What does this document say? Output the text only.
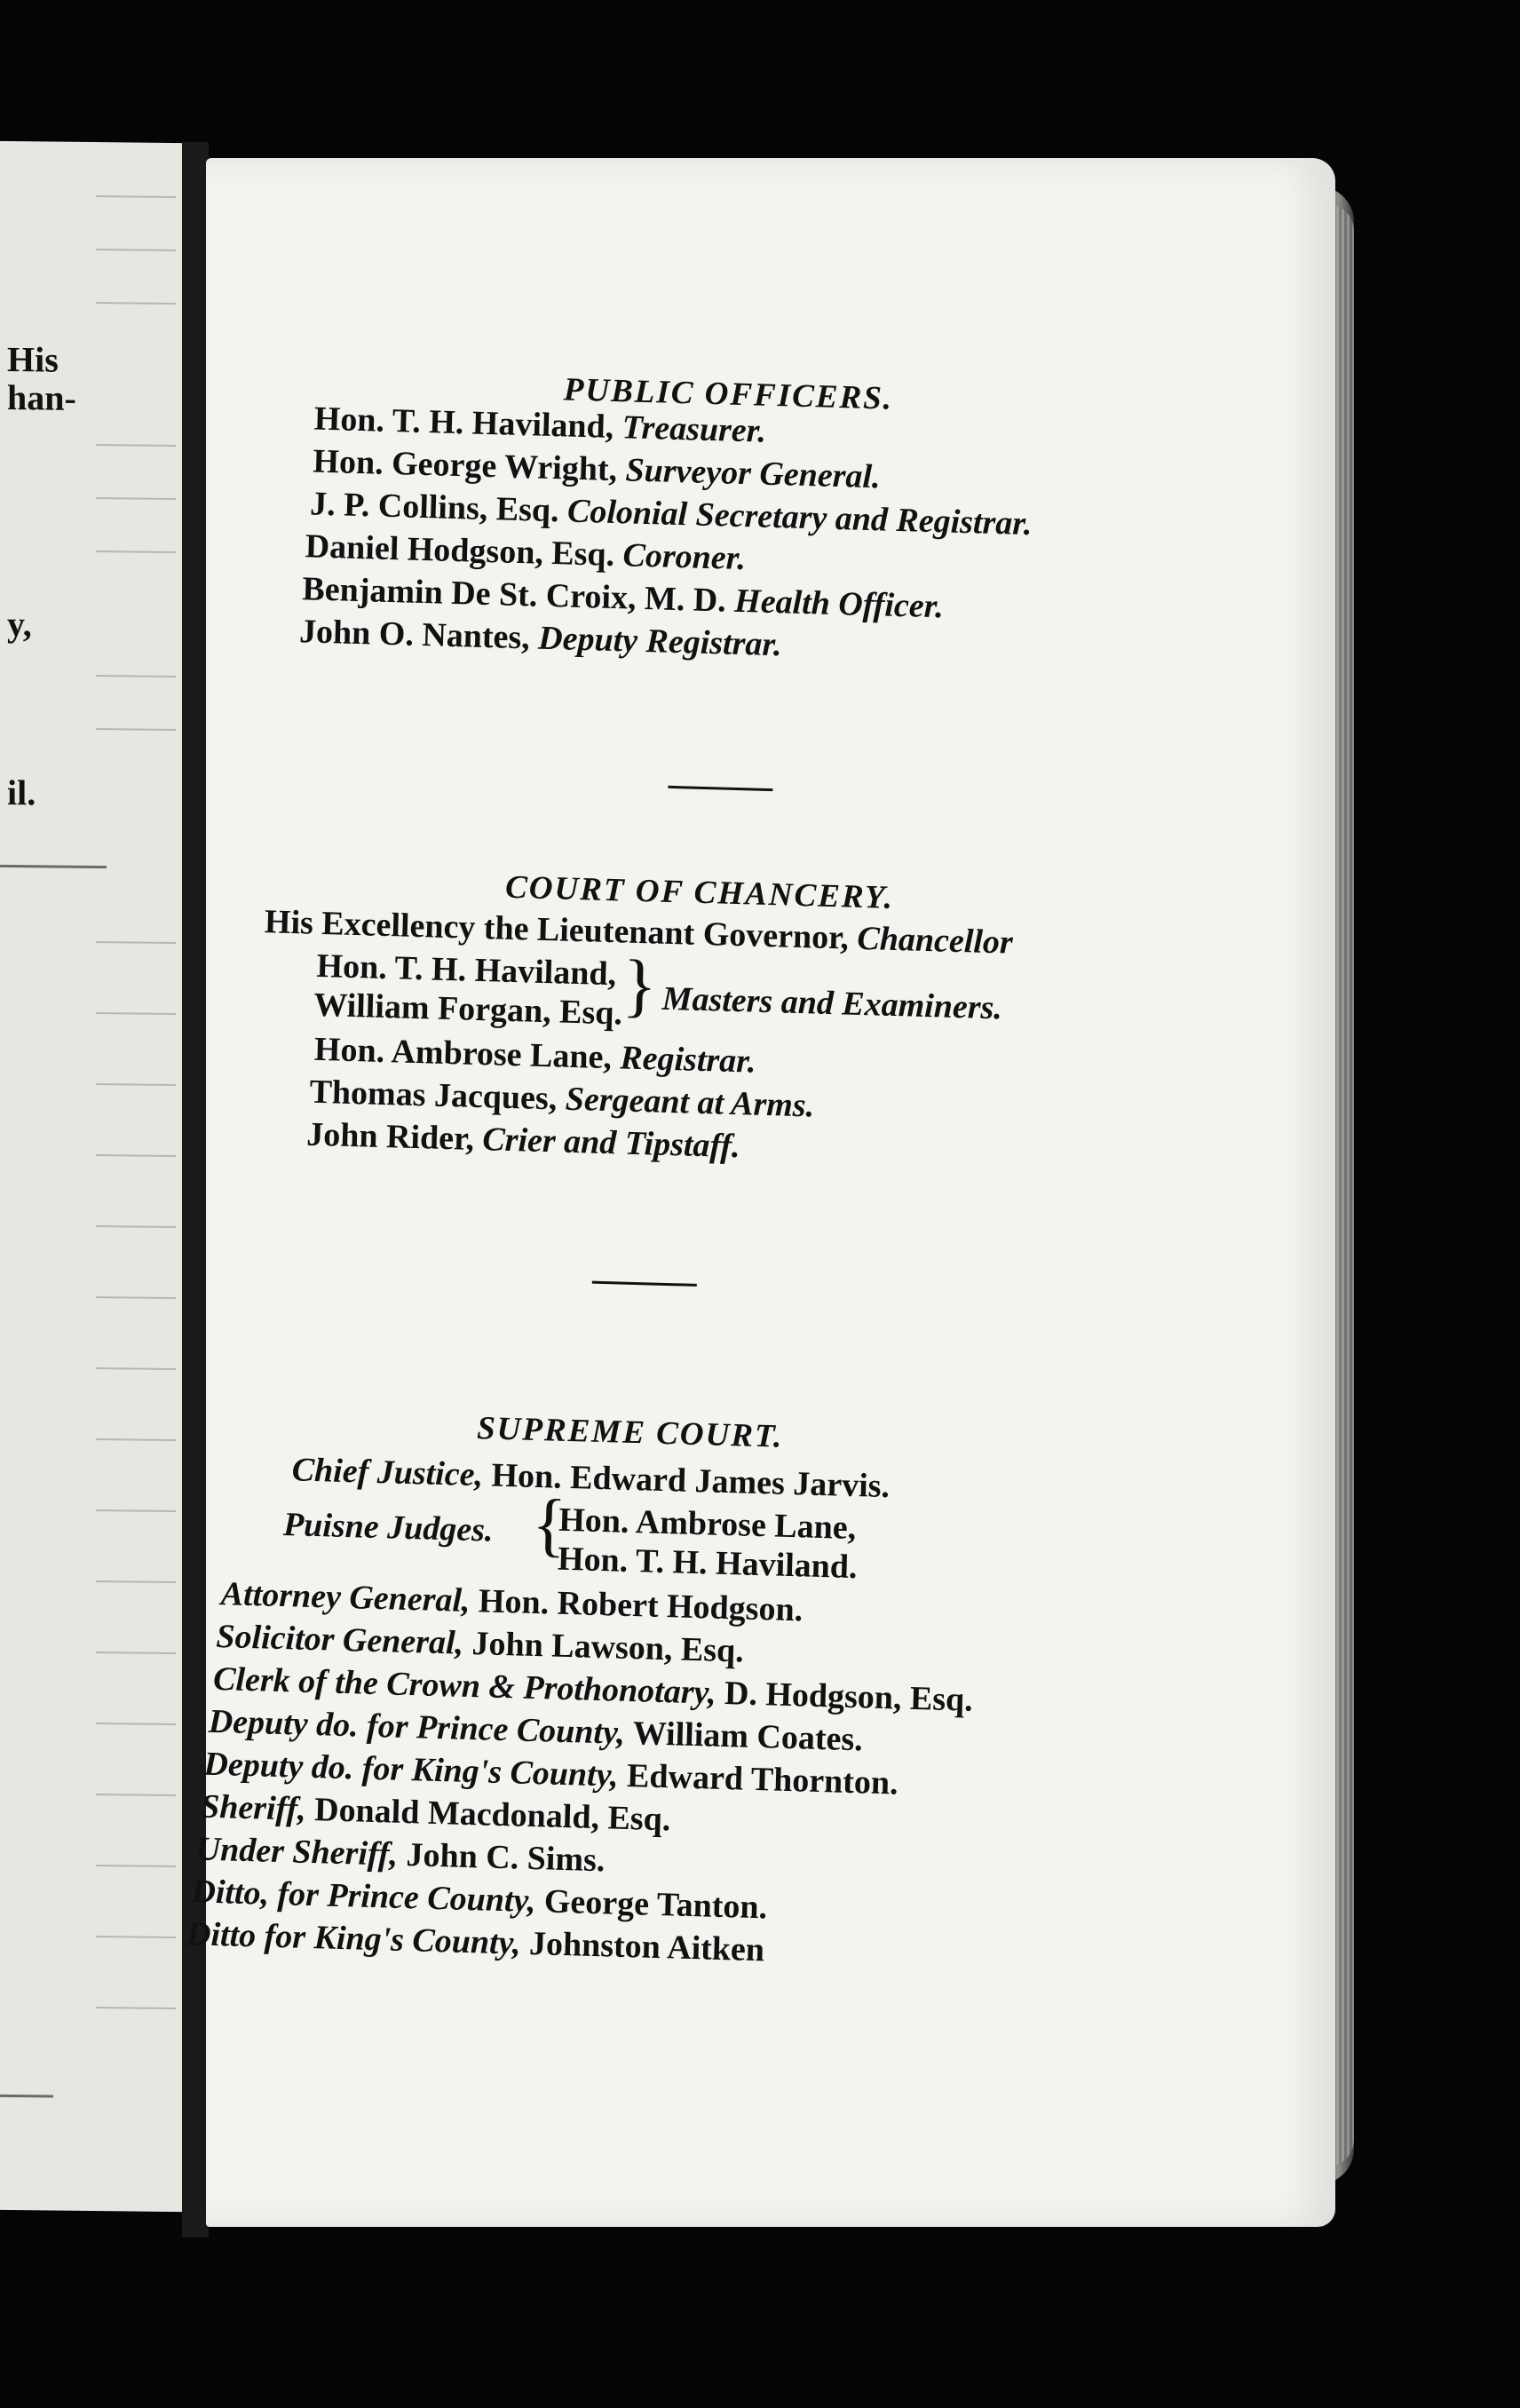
His
han-
y,
il.
PUBLIC OFFICERS.
Hon. T. H. Haviland, Treasurer.
Hon. George Wright, Surveyor General.
J. P. Collins, Esq. Colonial Secretary and Registrar.
Daniel Hodgson, Esq. Coroner.
Benjamin De St. Croix, M. D. Health Officer.
John O. Nantes, Deputy Registrar.
COURT OF CHANCERY.
His Excellency the Lieutenant Governor, Chancellor
Hon. T. H. Haviland,
William Forgan, Esq.
} Masters and Examiners.
Hon. Ambrose Lane, Registrar.
Thomas Jacques, Sergeant at Arms.
John Rider, Crier and Tipstaff.
SUPREME COURT.
Chief Justice, Hon. Edward James Jarvis.
Puisne Judges. {
Hon. Ambrose Lane,
Hon. T. H. Haviland.
Attorney General, Hon. Robert Hodgson.
Solicitor General, John Lawson, Esq.
Clerk of the Crown & Prothonotary, D. Hodgson, Esq.
Deputy do. for Prince County, William Coates.
Deputy do. for King's County, Edward Thornton.
Sheriff, Donald Macdonald, Esq.
Under Sheriff, John C. Sims.
Ditto, for Prince County, George Tanton.
Ditto for King's County, Johnston Aitken
